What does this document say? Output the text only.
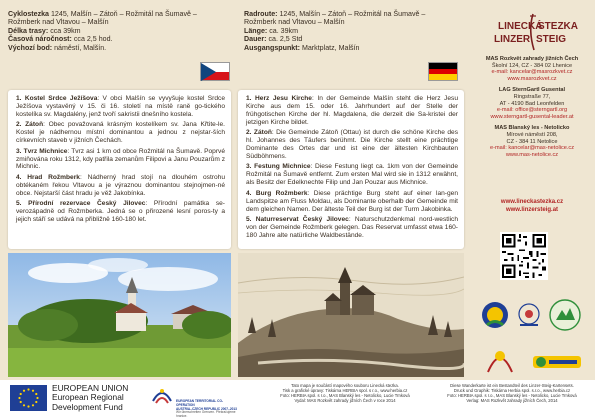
Cyklostezka 1245, Malšín – Zátoň – Rožmitál na Šumavě –

Rožmberk nad Vltavou – Malšín

Délka trasy: cca 39km

Časová náročnost: cca 2,5 hod.

Výchozí bod: náměstí, Malšín.

Radroute: 1245, Malšín – Zátoň – Rožmitál na Šumavě –

Rožmberk nad Vltavou – Malšín

Länge: ca. 39km

Dauer: ca. 2,5 Std

Ausgangspunkt: Marktplatz, Malšín

LINECKÁ
STEZKA
LINZER STEIG
MAS Rozkvět zahrady jižních Čech
Školní 124, CZ - 384 02 Lhenice
e-mail: kancelar@masrozkvet.cz
www.masrozkvet.cz
LAG SternGartl Gusental
Ringstraße 77,
AT - 4190 Bad Leonfelden
e-mail: office@sterngartl.org
www.sterngartl-gusental-leader.at
MAS Blanský les - Netolicko
Mírové náměstí 208,
CZ - 384 11 Netolice
e-mail: kancelar@mas-netolice.cz
www.mas-netolice.cz
www.lineckastezka.cz
www.linzersteig.at
1. Kostel Srdce Ježíšova: V obci Malšín se vyvyšuje kostel Srdce Ježíšova vystavěný v 15. či 16. století na místě raně go-tického kostelíka sv. Magdalény, jenž tvoří sakristii dnešního kostela.
2. Zátoň: Obec považovaná krásným kostelíkem sv. Jana Křtite-le. Kostel je nádhernou místní dominantou a jednou z nejstar-ších církevních staveb v jižních Čechách.
3. Tvrz Michnice: Tvrz asi 1 km od obce Rožmitál na Šumavě. Poprvé zmiňována roku 1312, kdy patřila zemanům Filipovi a Janu Pouzarům z Michnic.
4. Hrad Rožmberk: Nádherný hrad stojí na dlouhém ostrohu obtékaném řekou Vltavou a je výraznou dominantou stejnojmen-né obce. Nejstarší část hradu je věž Jakobínka.
5. Přírodní rezervace Český Jilovec: Přírodní památka se-verozápadně od Rožmberka. Jedná se o přirozené lesní poros-ty a jejich stáří se udává na přibližně 160-180 let.
1. Herz Jesu Kirche: In der Gemeinde Malšín steht die Herz Jesu Kirche aus dem 15. oder 16. Jahrhundert auf der Stelle der frühgotischen Kirche der hl. Magdalena, die derzeit die Sa-kristei der jetzigen Kirche bildet.
2. Zátoň: Die Gemeinde Zátoň (Ottau) ist durch die schöne Kirche des hl. Johannes des Täufers berühmt. Die Kirche stellt eine prächtige Dominante des Ortes dar und ist eine der ältesten Kirchbauten Südböhmens.
3. Festung Michnice: Diese Festung liegt ca. 1km von der Gemeinde Rožmitál na Šumavě entfernt. Zum ersten Mal wird sie in 1312 erwähnt, als Besitz der Edelknechte Filip und Jan Pouzar aus Michnice.
4. Burg Rožmberk: Diese prächtige Burg steht auf einer lan-gen Landspitze am Fluss Moldau, als Dominante oberhalb der Gemeinde mit dem gleichen Namen. Der älteste Teil der Burg ist der Turm Jakobinka.
5. Naturreservat Český Jilovec: Naturschutzdenkmal nord-westlich von der Gemeinde Rožmberk gelegen. Das Reservat umfasst etwa 160-180 Jahre alte natürliche Waldbestände.
EUROPEAN UNION
European Regional
Development Fund
EUROPEAN TERRITORIAL CO-OPERATION
AUSTRIA–CZECH REPUBLIC 2007–2013
Wir überschreiten Grenzen. Překračujeme hranice.
Tato mapa je součástí mapového souboru Linecká stezka.
Tisk a grafické úpravy: Tiskárna HERBIA spol. s r.o., www.herbia.cz
Foto: HERBIA spol. s r.o., MAS Blanský les - Netolicko, Lucie Trnková
Vydal: MAS Rozkvět zahrady jižních Čech v roce 2014
Diese Wanderkarte ist ein Bestandteil des Linzer-Steig-Kartensets.
Druck und Graphik: Tiskárna Herbia spol. s.r.o., www.herbia.cz
Foto: HERBIA spol. s r.o., MAS Blanský les - Netolicko, Lucie Trnková
Verlag: MAS Rozkvět zahrady jižních Čech, 2014
